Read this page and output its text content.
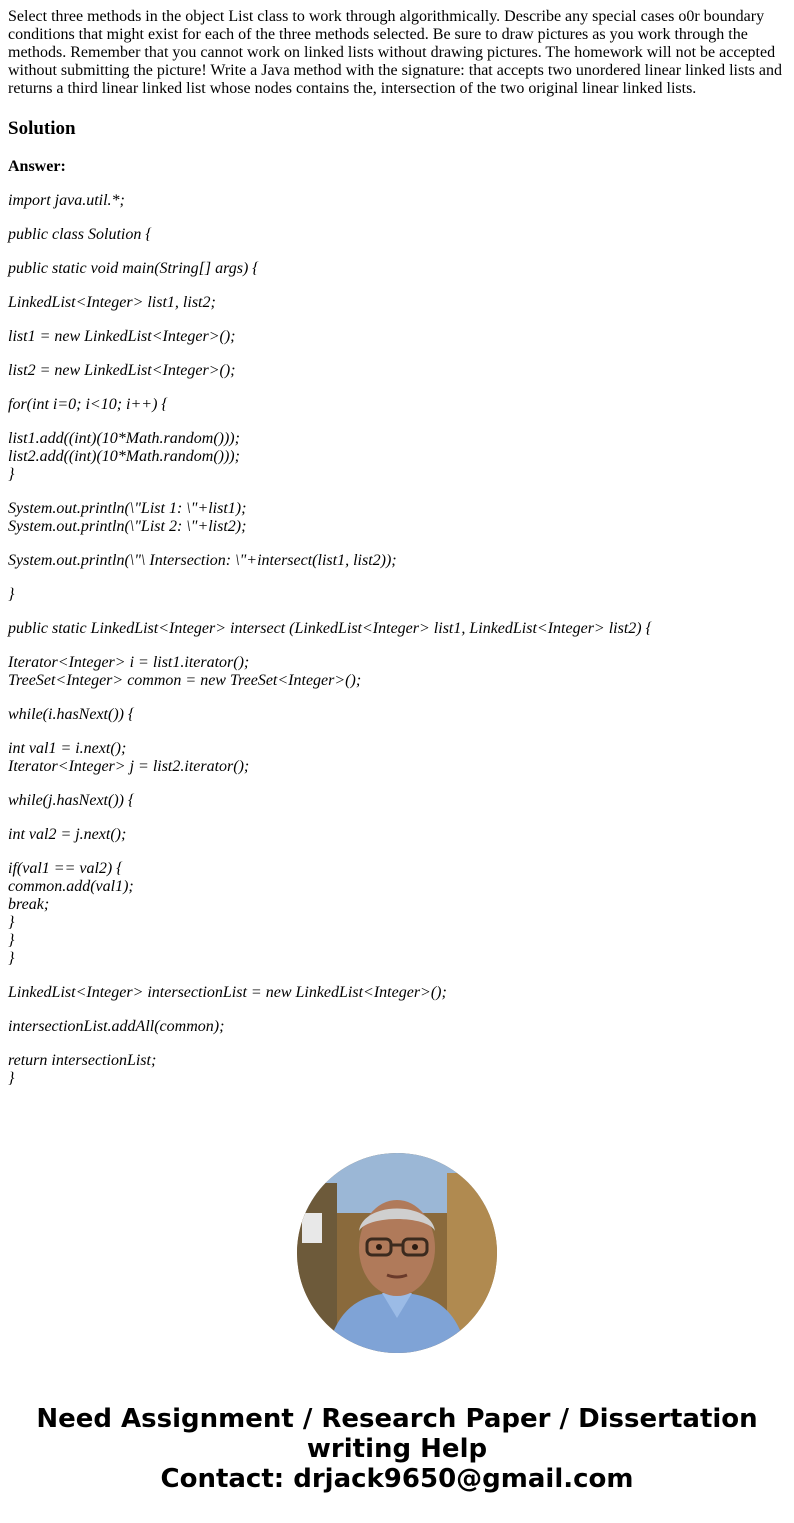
Select three methods in the object List class to work through algorithmically. Describe any special cases o0r boundary conditions that might exist for each of the three methods selected. Be sure to draw pictures as you work through the methods. Remember that you cannot work on linked lists without drawing pictures. The homework will not be accepted without submitting the picture! Write a Java method with the signature: that accepts two unordered linear linked lists and returns a third linear linked list whose nodes contains the, intersection of the two original linear linked lists.

Solution

Answer:

import java.util.*;
public class Solution {
public static void main(String[] args) {
LinkedList<Integer> list1, list2;
list1 = new LinkedList<Integer>();
list2 = new LinkedList<Integer>();
for(int i=0; i<10; i++) {
list1.add((int)(10*Math.random()));
list2.add((int)(10*Math.random()));
}
System.out.println(\"List 1: \"+list1);
System.out.println(\"List 2: \"+list2);
System.out.println(\"\ Intersection: \"+intersect(list1, list2));
}
public static LinkedList<Integer> intersect (LinkedList<Integer> list1, LinkedList<Integer> list2) {
Iterator<Integer> i = list1.iterator();
TreeSet<Integer> common = new TreeSet<Integer>();
while(i.hasNext()) {
int val1 = i.next();
Iterator<Integer> j = list2.iterator();
while(j.hasNext()) {
int val2 = j.next();
if(val1 == val2) {
common.add(val1);
break;
}
}
}
LinkedList<Integer> intersectionList = new LinkedList<Integer>();
intersectionList.addAll(common);
return intersectionList;
}
Need Assignment / Research Paper / Dissertation writing Help
Contact: drjack9650@gmail.com
